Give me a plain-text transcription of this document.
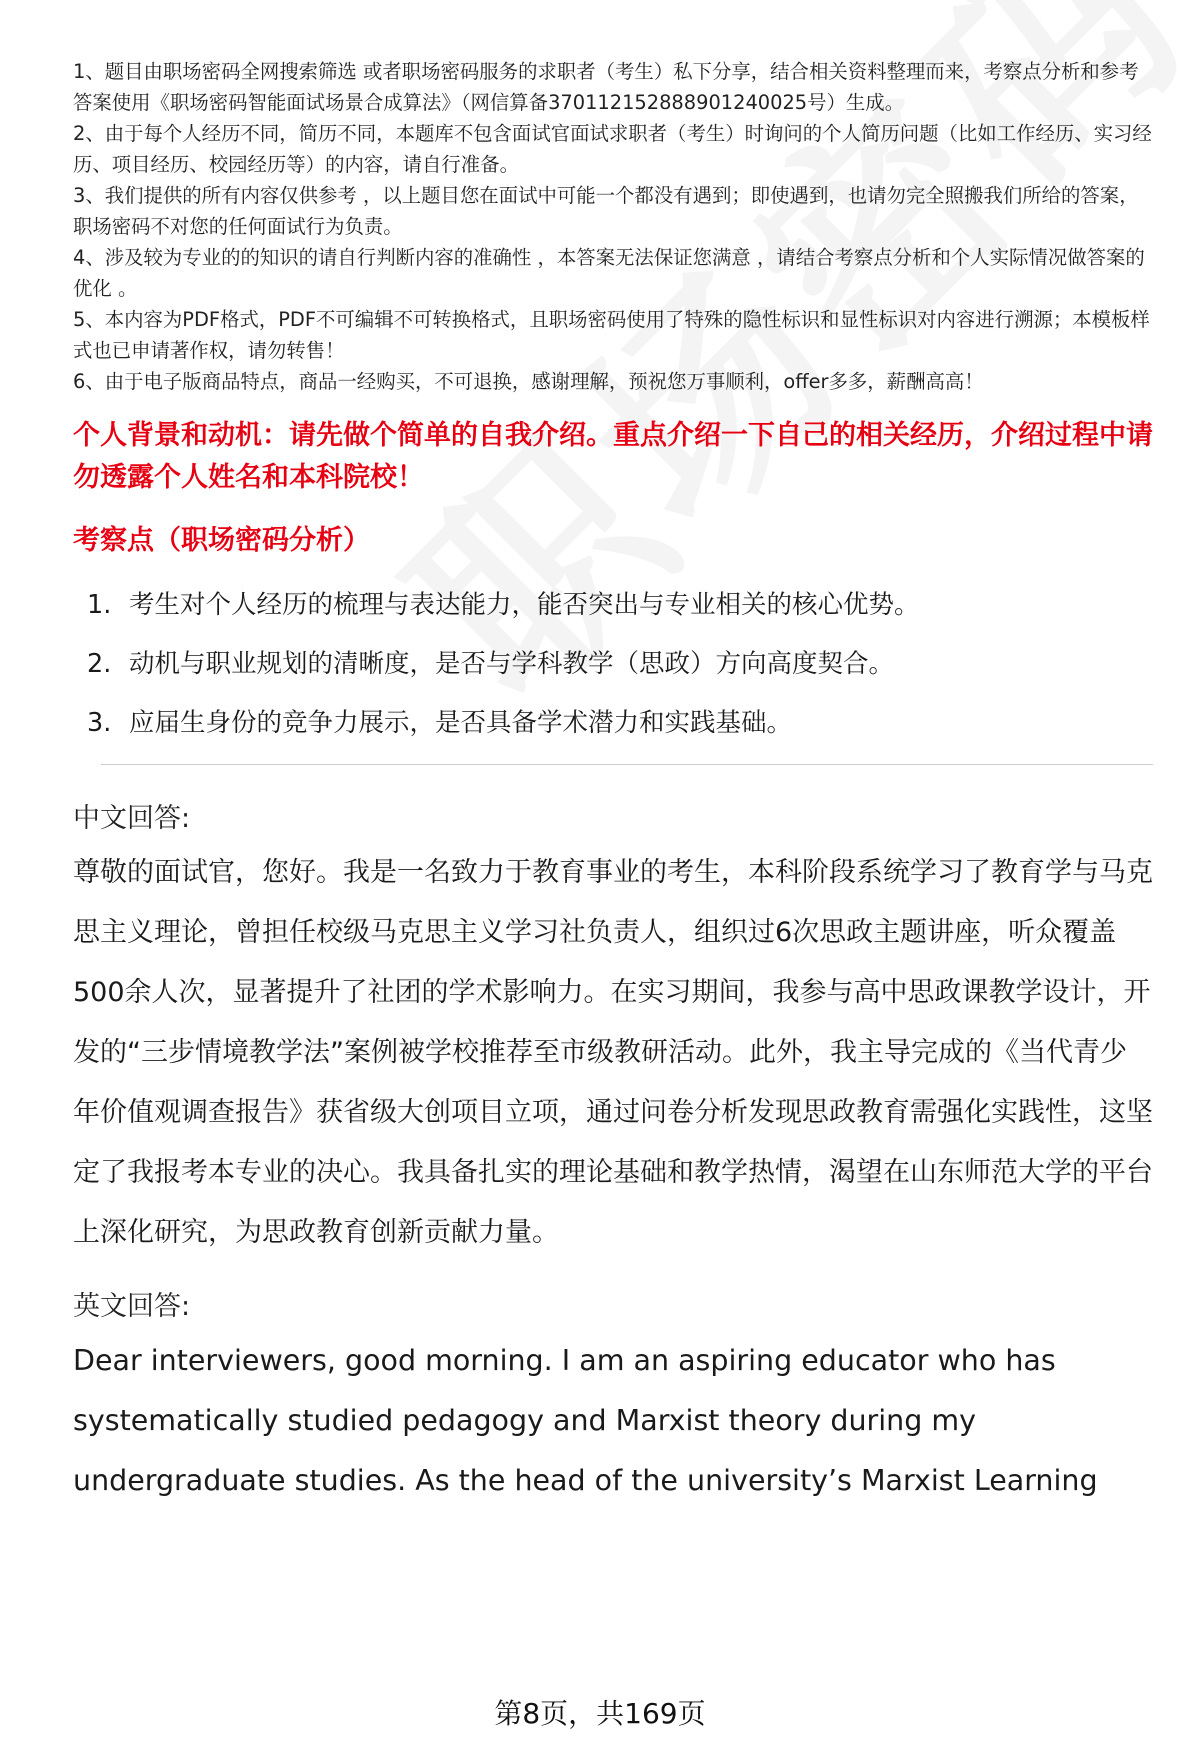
1、题目由职场密码全网搜索筛选 或者职场密码服务的求职者（考生）私下分享，结合相关资料整理而来，考察点分析和参考答案使用《职场密码智能面试场景合成算法》（网信算备370112152888901240025号）生成。

2、由于每个人经历不同，简历不同，本题库不包含面试官面试求职者（考生）时询问的个人简历问题（比如工作经历、实习经历、项目经历、校园经历等）的内容，请自行准备。

3、我们提供的所有内容仅供参考 ，以上题目您在面试中可能一个都没有遇到；即使遇到，也请勿完全照搬我们所给的答案，职场密码不对您的任何面试行为负责。

4、涉及较为专业的的知识的请自行判断内容的准确性 ，本答案无法保证您满意 ，请结合考察点分析和个人实际情况做答案的优化 。

5、本内容为PDF格式，PDF不可编辑不可转换格式，且职场密码使用了特殊的隐性标识和显性标识对内容进行溯源；本模板样式也已申请著作权，请勿转售！

6、由于电子版商品特点，商品一经购买，不可退换，感谢理解，预祝您万事顺利，offer多多，薪酬高高！

个人背景和动机：请先做个简单的自我介绍。重点介绍一下自己的相关经历，介绍过程中请勿透露个人姓名和本科院校！
考察点（职场密码分析）
1. 考生对个人经历的梳理与表达能力，能否突出与专业相关的核心优势。
2. 动机与职业规划的清晰度，是否与学科教学（思政）方向高度契合。
3. 应届生身份的竞争力展示，是否具备学术潜力和实践基础。
中文回答:
尊敬的面试官，您好。我是一名致力于教育事业的考生，本科阶段系统学习了教育学与马克思主义理论，曾担任校级马克思主义学习社负责人，组织过6次思政主题讲座，听众覆盖500余人次，显著提升了社团的学术影响力。在实习期间，我参与高中思政课教学设计，开发的“三步情境教学法”案例被学校推荐至市级教研活动。此外，我主导完成的《当代青少年价值观调查报告》获省级大创项目立项，通过问卷分析发现思政教育需强化实践性，这坚定了我报考本专业的决心。我具备扎实的理论基础和教学热情，渴望在山东师范大学的平台上深化研究，为思政教育创新贡献力量。
英文回答:
Dear interviewers, good morning. I am an aspiring educator who has systematically studied pedagogy and Marxist theory during my undergraduate studies. As the head of the university’s Marxist Learning
第8页，共169页
